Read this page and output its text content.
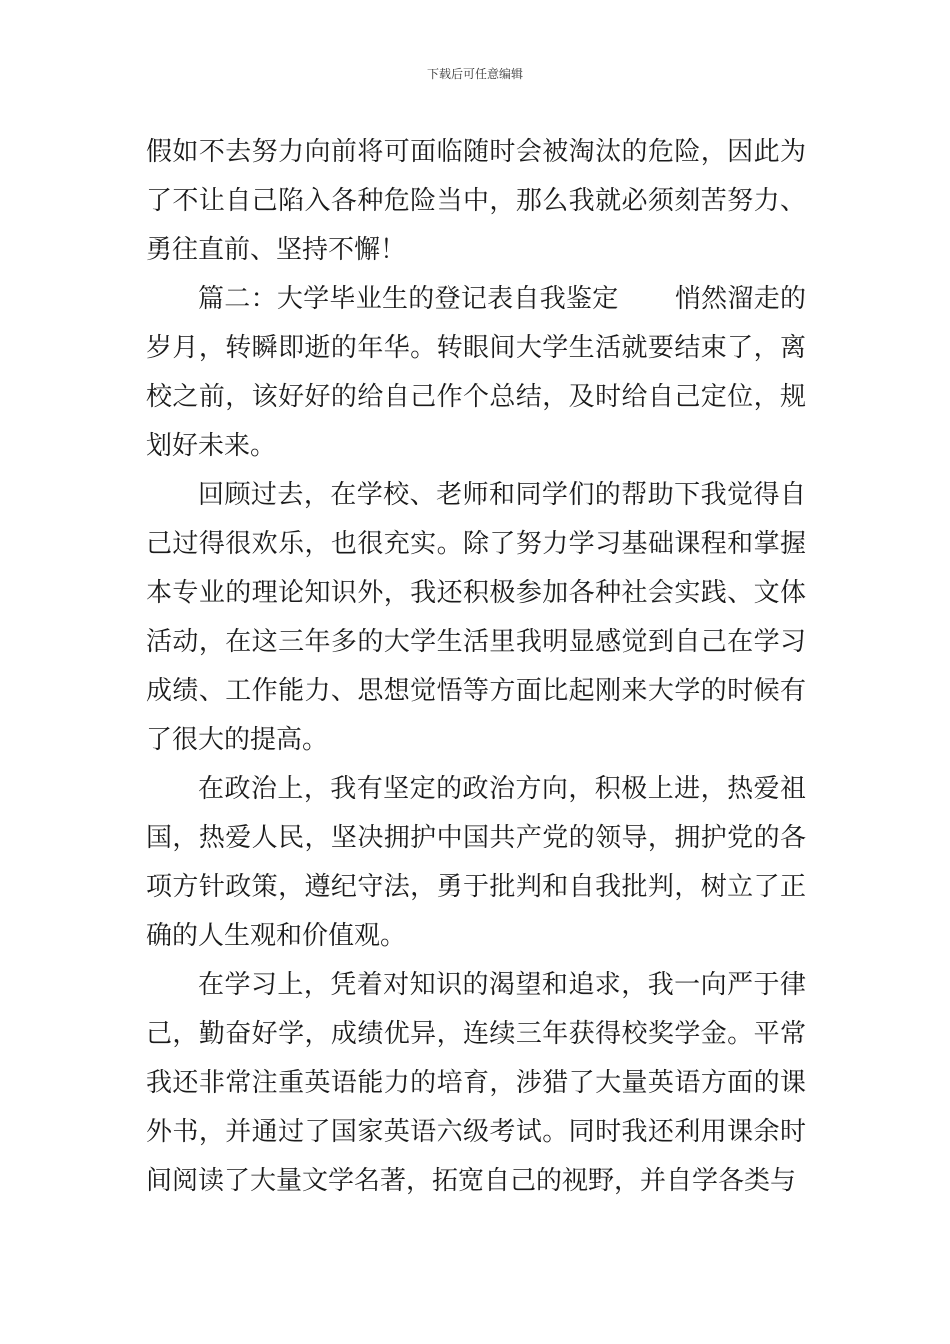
下载后可任意编辑

假如不去努力向前将可面临随时会被淘汰的危险，因此为了不让自己陷入各种危险当中，那么我就必须刻苦努力、勇往直前、坚持不懈！

篇二：大学毕业生的登记表自我鉴定 悄然溜走的岁月，转瞬即逝的年华。转眼间大学生活就要结束了，离校之前，该好好的给自己作个总结，及时给自己定位，规划好未来。

回顾过去，在学校、老师和同学们的帮助下我觉得自己过得很欢乐，也很充实。除了努力学习基础课程和掌握本专业的理论知识外，我还积极参加各种社会实践、文体活动，在这三年多的大学生活里我明显感觉到自己在学习成绩、工作能力、思想觉悟等方面比起刚来大学的时候有了很大的提高。

在政治上，我有坚定的政治方向，积极上进，热爱祖国，热爱人民，坚决拥护中国共产党的领导，拥护党的各项方针政策，遵纪守法，勇于批判和自我批判，树立了正确的人生观和价值观。

在学习上，凭着对知识的渴望和追求，我一向严于律己，勤奋好学，成绩优异，连续三年获得校奖学金。平常我还非常注重英语能力的培育，涉猎了大量英语方面的课外书，并通过了国家英语六级考试。同时我还利用课余时间阅读了大量文学名著，拓宽自己的视野，并自学各类与
